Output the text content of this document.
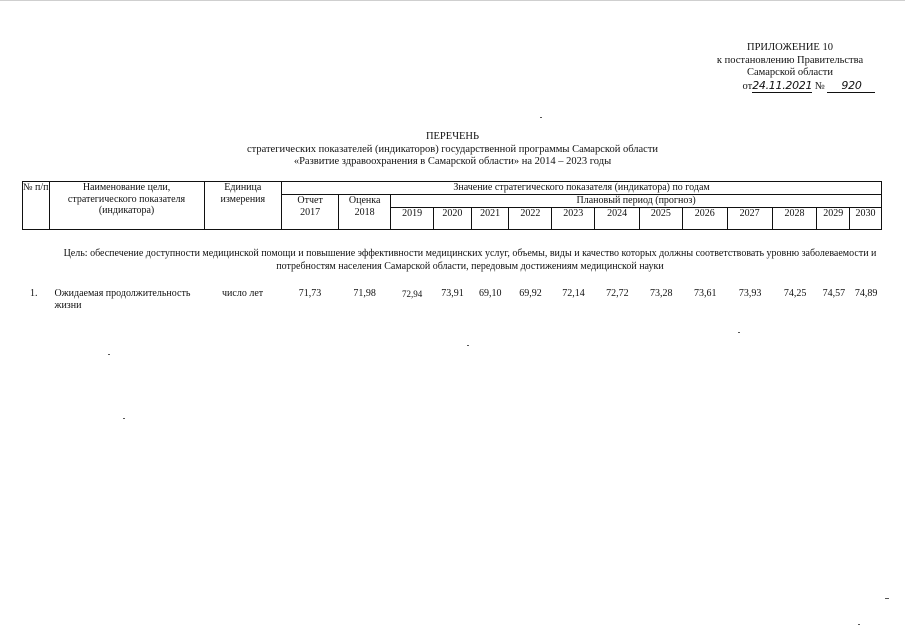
ПРИЛОЖЕНИЕ 10
к постановлению Правительства
Самарской области
от24.11.2021 № 920
ПЕРЕЧЕНЬ
стратегических показателей (индикаторов) государственной программы Самарской области
«Развитие здравоохранения в Самарской области» на 2014 – 2023 годы
№ п/п	Наименование цели, стратегического показателя (индикатора)	Единица измерения	Значение стратегического показателя (индикатора) по годам													
			Отчет	Оценка	Плановый период (прогноз)											
			2017	2018	2019	2020	2021	2022	2023	2024	2025	2026	2027	2028	2029	2030
Цель: обеспечение доступности медицинской помощи и повышение эффективности медицинских услуг, объемы, виды и качество которых должны соответствовать уровню заболеваемости и потребностям населения Самарской области, передовым достижениям медицинской науки
1.	Ожидаемая продолжительность жизни	число лет	71,73	71,98	72,94	73,91	69,10	69,92	72,14	72,72	73,28	73,61	73,93	74,25	74,57	74,89
